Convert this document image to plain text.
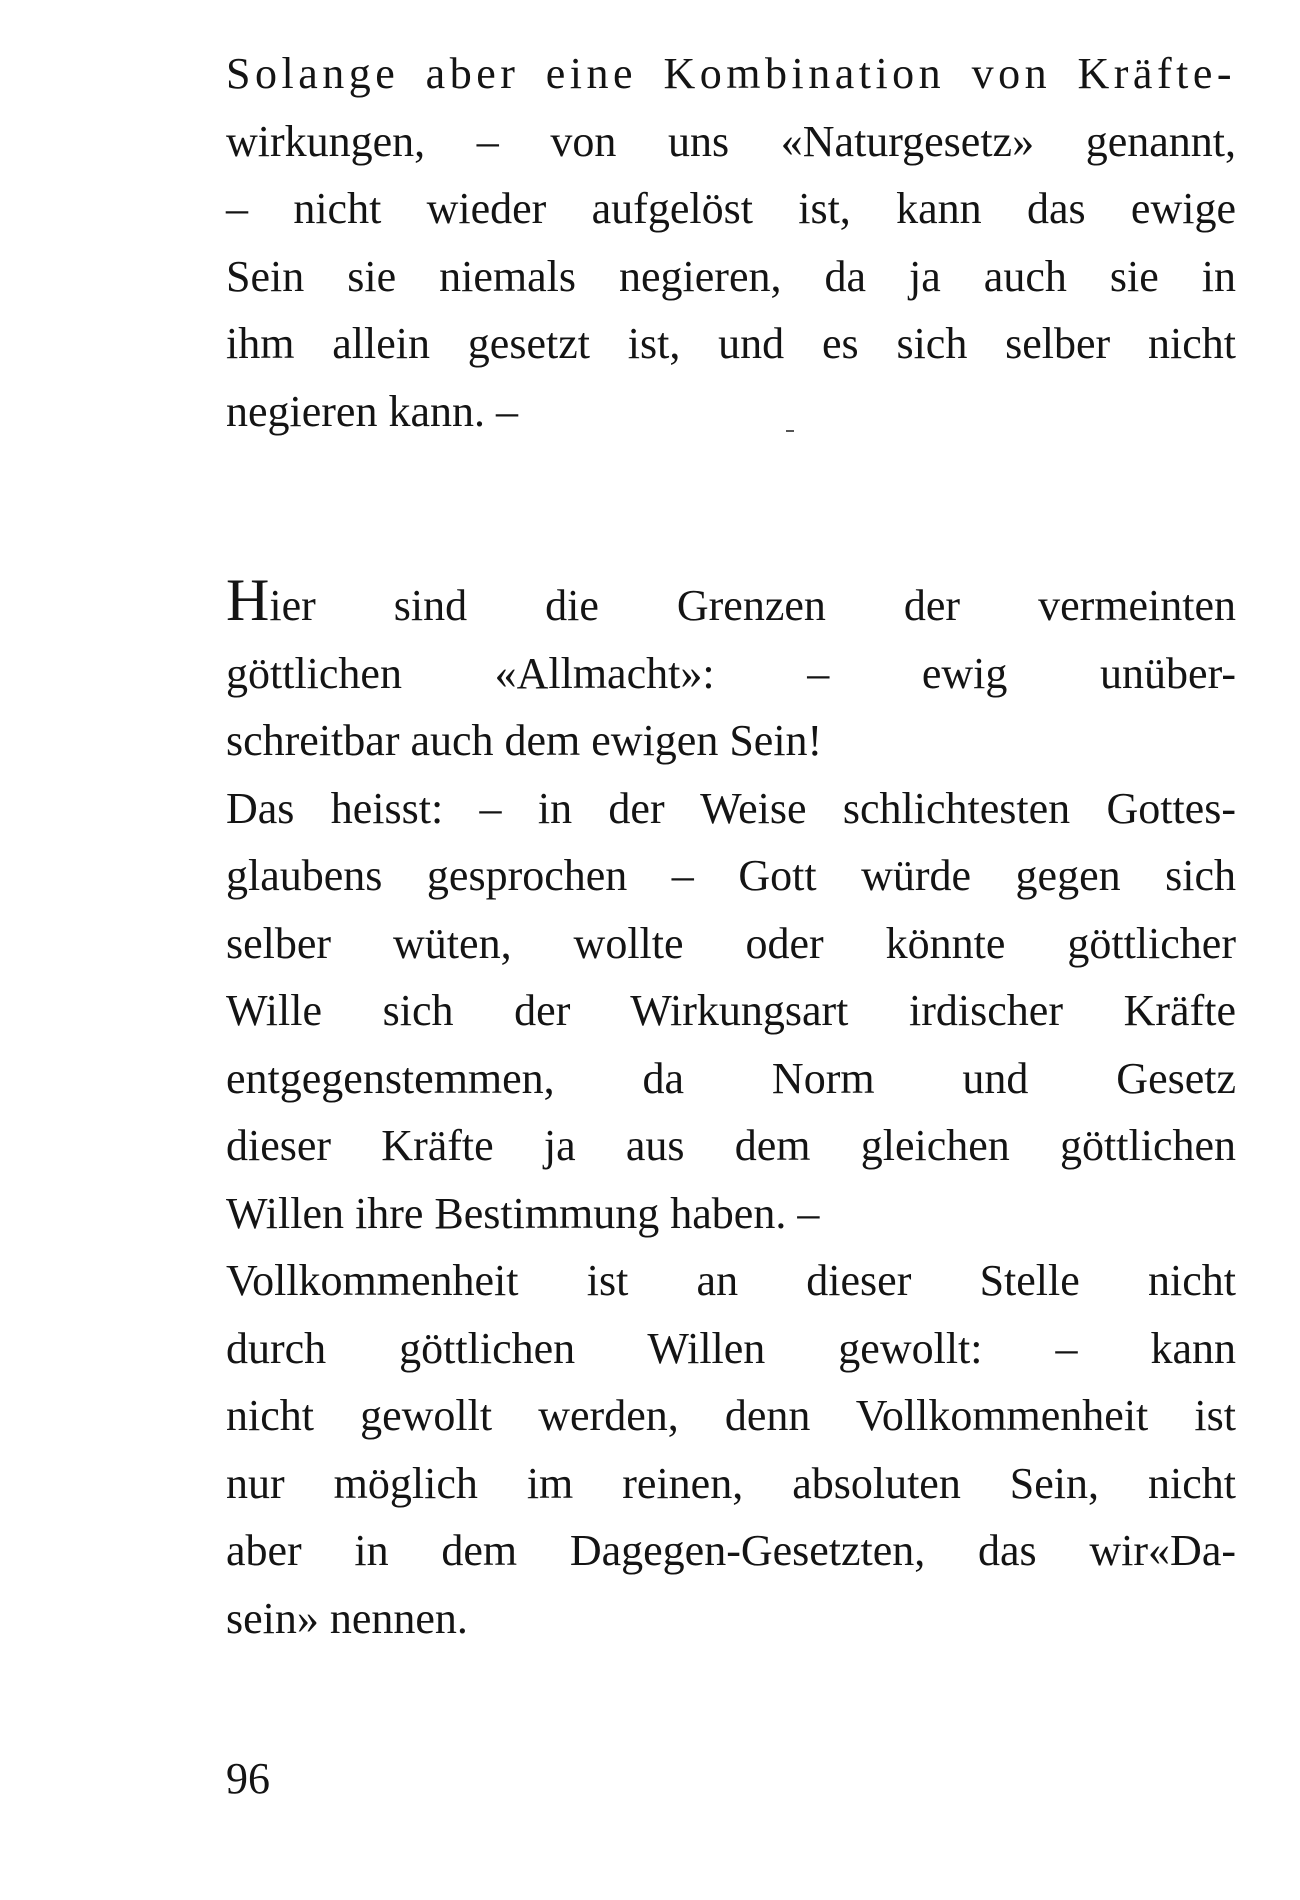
Solange aber eine Kombination von Kräfte-
wirkungen, – von uns «Naturgesetz» genannt,
– nicht wieder aufgelöst ist, kann das ewige
Sein sie niemals negieren, da ja auch sie in
ihm allein gesetzt ist, und es sich selber nicht
negieren kann. –
Hier sind die Grenzen der vermeinten
göttlichen «Allmacht»: – ewig unüber-
schreitbar auch dem ewigen Sein!
Das heisst: – in der Weise schlichtesten Gottes-
glaubens gesprochen – Gott würde gegen sich
selber wüten, wollte oder könnte göttlicher
Wille sich der Wirkungsart irdischer Kräfte
entgegenstemmen, da Norm und Gesetz
dieser Kräfte ja aus dem gleichen göttlichen
Willen ihre Bestimmung haben. –
Vollkommenheit ist an dieser Stelle nicht
durch göttlichen Willen gewollt: – kann
nicht gewollt werden, denn Vollkommenheit ist
nur möglich im reinen, absoluten Sein, nicht
aber in dem Dagegen-Gesetzten, das wir«Da-
sein» nennen.
96
